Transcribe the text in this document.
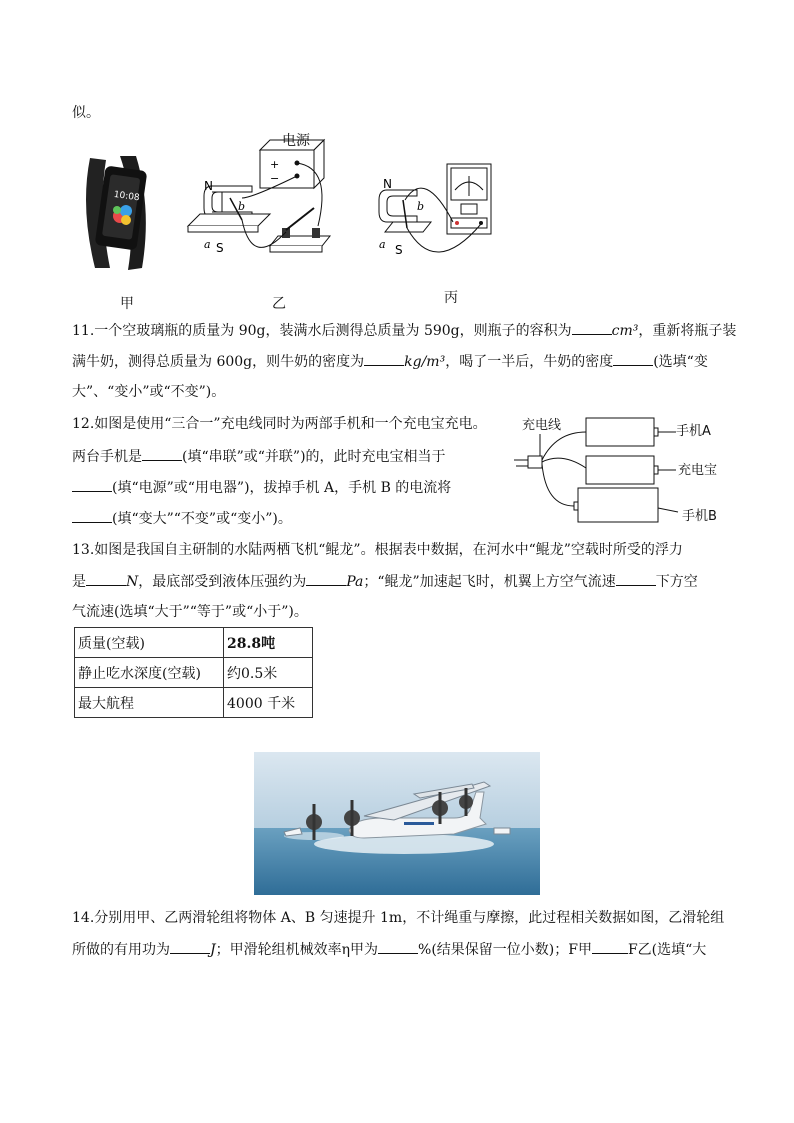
似。
10:08
甲
+
−
N
S
a
b
电源
乙
N
S
a
b
丙
11.一个空玻璃瓶的质量为 90g，装满水后测得总质量为 590g，则瓶子的容积为	cm³，重新将瓶子装
满牛奶，测得总质量为 600g，则牛奶的密度为	kg/m³，喝了一半后，牛奶的密度	(选填“变
大”、“变小”或“不变”)。
12.如图是使用“三合一”充电线同时为两部手机和一个充电宝充电。
两台手机是	(填“串联”或“并联”)的，此时充电宝相当于
(填“电源”或“用电器”)，拔掉手机 A，手机 B 的电流将
(填“变大”“不变”或“变小”)。
充电线	手机A
充电宝
手机B
13.如图是我国自主研制的水陆两栖飞机“鲲龙”。根据表中数据，在河水中“鲲龙”空载时所受的浮力
是	N，最底部受到液体压强约为	Pa；“鲲龙”加速起飞时，机翼上方空气流速	下方空
气流速(选填“大于”“等于”或“小于”)。
质量(空载)	28.8吨
静止吃水深度(空载)	约0.5米
最大航程	4000 千米
14.分别用甲、乙两滑轮组将物体 A、B 匀速提升 1m，不计绳重与摩擦，此过程相关数据如图，乙滑轮组
所做的有用功为	J；甲滑轮组机械效率η甲为	%(结果保留一位小数)；F甲	F乙(选填“大
